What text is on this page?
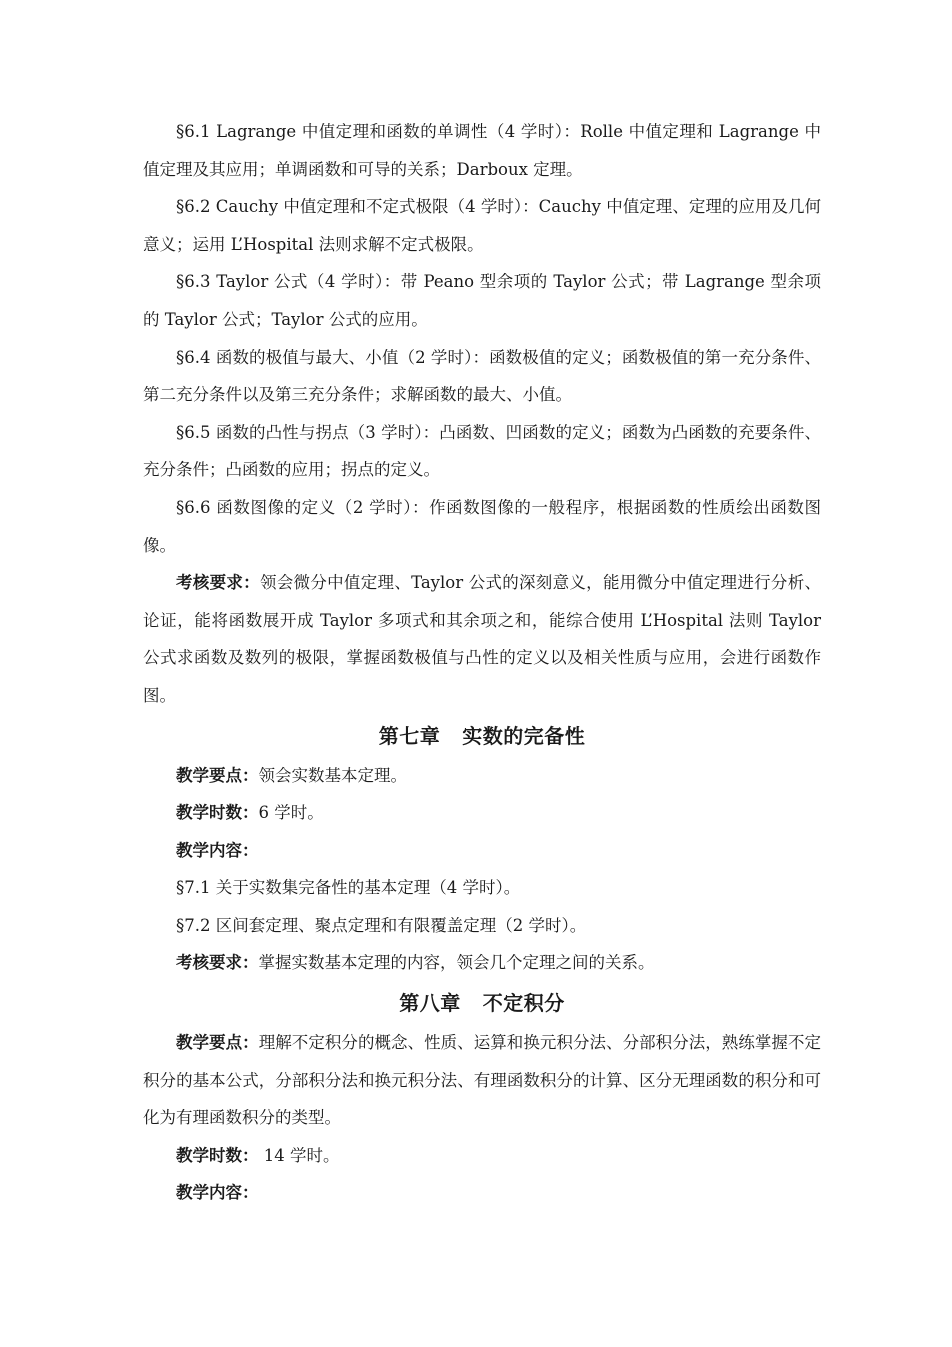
§6.1 Lagrange 中值定理和函数的单调性（4 学时）：Rolle 中值定理和 Lagrange 中值定理及其应用；单调函数和可导的关系；Darboux 定理。

§6.2 Cauchy 中值定理和不定式极限（4 学时）：Cauchy 中值定理、定理的应用及几何意义；运用 L’Hospital 法则求解不定式极限。

§6.3 Taylor 公式（4 学时）：带 Peano 型余项的 Taylor 公式；带 Lagrange 型余项的 Taylor 公式；Taylor 公式的应用。

§6.4 函数的极值与最大、小值（2 学时）：函数极值的定义；函数极值的第一充分条件、第二充分条件以及第三充分条件；求解函数的最大、小值。

§6.5 函数的凸性与拐点（3 学时）：凸函数、凹函数的定义；函数为凸函数的充要条件、充分条件；凸函数的应用；拐点的定义。

§6.6 函数图像的定义（2 学时）：作函数图像的一般程序，根据函数的性质绘出函数图像。

考核要求：领会微分中值定理、Taylor 公式的深刻意义，能用微分中值定理进行分析、论证，能将函数展开成 Taylor 多项式和其余项之和，能综合使用 L’Hospital 法则 Taylor 公式求函数及数列的极限，掌握函数极值与凸性的定义以及相关性质与应用，会进行函数作图。

第七章 实数的完备性

教学要点：领会实数基本定理。

教学时数：6 学时。

教学内容：

§7.1 关于实数集完备性的基本定理（4 学时）。

§7.2 区间套定理、聚点定理和有限覆盖定理（2 学时）。

考核要求：掌握实数基本定理的内容，领会几个定理之间的关系。

第八章 不定积分

教学要点：理解不定积分的概念、性质、运算和换元积分法、分部积分法，熟练掌握不定积分的基本公式，分部积分法和换元积分法、有理函数积分的计算、区分无理函数的积分和可化为有理函数积分的类型。

教学时数： 14 学时。

教学内容：
